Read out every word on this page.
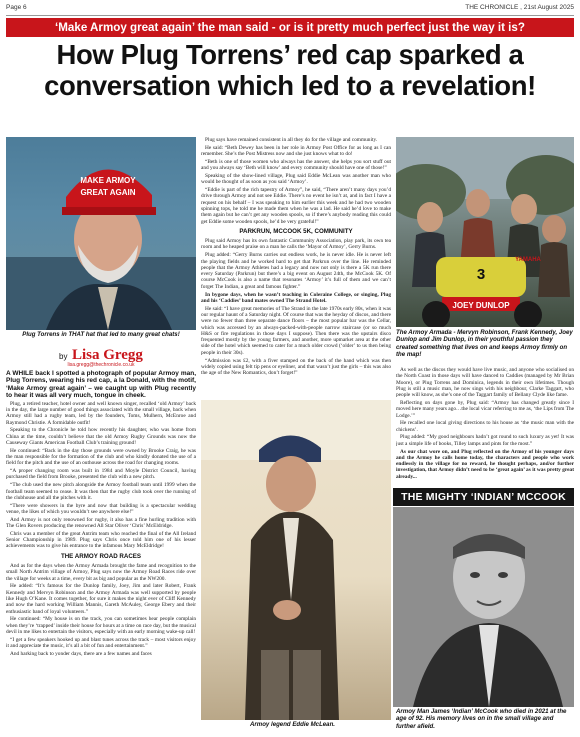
Page 6	THE CHRONICLE , 21st August 2025
‘Make Armoy great again’ the man said - or is it pretty much perfect just the way it is?
How Plug Torrens’ red cap sparked a conversation which led to a revelation!
MAKE ARMOY
GREAT AGAIN
Plug Torrens in THAT hat that led to many great chats!
by Lisa Gregg
lisa.gregg@thechronicle.co.uk

A WHILE back I spotted a photograph of popular Armoy man, Plug Torrens, wearing his red cap, a la Donald, with the motif, ‘Make Armoy great again’ – we caught up with Plug recently to hear it was all very much, tongue in cheek.

Plug, a retired teacher, hotel owner and well known singer, recalled ‘old Armoy’ back in the day, the large number of good things associated with the small village, back when Armoy still had a rugby team, led by the founders, Toms, Mulhern, McEnroe and Raymond Christie. A formidable outfit!

Speaking to the Chronicle he told how recently his daughter, who was home from China at the time, couldn’t believe that the old Armoy Rugby Grounds was now the Causeway Giants American Football Club’s training ground!

He continued: “Back in the day those grounds were owned by Brooke Craig, he was the man responsible for the formation of the club and who kindly donated the use of a field for the pitch and the use of an outhouse across the road for changing rooms.

“A proper changing room was built in 1984 and Moyle District Council, having purchased the field from Brooke, presented the club with a new pitch.

“The club used the new pitch alongside the Armoy football team until 1999 when the football team seemed to cease. It was then that the rugby club took over the running of the clubhouse and all the pitches with it.

“There were showers in the byre and now that building is a spectacular wedding venue, the likes of which you wouldn’t see anywhere else!”

And Armoy is not only renowned for rugby, it also has a fine hurling tradition with The Glen Rovers producing the renowned All Star Oliver ‘Chris’ McEldridge.

Chris was a member of the great Antrim team who reached the final of the All Ireland Senior Championship in 1989. Plug says Chris once told him one of his lesser achievements was to give his entrance to the infamous Mary McEldridge!

THE ARMOY ROAD RACES

And as for the days when the Armoy Armada brought the fame and recognition to the small North Antrim village of Armoy, Plug says now the Armoy Road Races ride over the village for weeks at a time, every bit as big and popular as the NW200.

He added: “It’s famous for the Dunlop family, Joey, Jim and later Robert, Frank Kennedy and Mervyn Robinson and the Armoy Armada was well supported by people like Hugh O’Kane. It comes together, for sure it makes the night ever of Cliff Kennedy and now the hard working William Mannis, Gareth McAuley, George Ebery and their enthusiastic band of loyal volunteers.”

He continued: “My house is on the track, you can sometimes hear people complain when they’re ‘trapped’ inside their house for hours at a time on race day, but the musical devil in me likes to entertain the visitors, especially with an early morning wake-up call!

“I get a few speakers hooked up and blast tunes across the track – most visitors enjoy it and appreciate the music, it’s all a bit of fun and entertainment.”

And harking back to yonder days, there are a few names and faces

Plug says have remained consistent in all they do for the village and community.

He said: “Beth Dewey has been in her role in Armoy Post Office for as long as I can remember. She’s the Post Mistress now and she just knows what to do!

“Beth is one of those women who always has the answer, she helps you sort stuff out and you always say ‘Beth will know’ and every community should have one of those!”

Speaking of the show-lined village, Plug said Eddie McLean was another man who would be thought of as soon as you said ‘Armoy’.

“Eddie is part of the rich tapestry of Armoy”, he said, “There aren’t many days you’d drive through Armoy and not see Eddie. There’s no event he isn’t at, and in fact I have a request on his behalf – I was speaking to him earlier this week and he had two wooden spinning tops, he told me he made them when he was a lad. He said he’d love to make them again but he can’t get any wooden spools, so if there’s anybody reading this could get Eddie some wooden spools, he’d be very grateful!”

PARKRUN, MCCOOK 5K, COMMUNITY

Plug said Armoy has its own fantastic Community Association, play park, its own tea room and he heaped praise on a man he calls the ‘Mayor of Armoy’, Gerry Burns.

Plug added: “Gerry Burns carries out endless work, he is never idle. He is never left the playing fields and he worked hard to get that Parkrun over the line. He reminded people that the Armoy Athletes had a legacy and now not only is there a 5K run there every Saturday (Parkrun) but there’s a big event on August 24th, the McCook 5K. Of course McCook is also a name that resonates ‘Armoy’ it’s full of them and we can’t forget The Indian, a great and famous fighter.”

In bygone days, when he wasn’t teaching in Coleraine College, or singing, Plug and his ‘Caddies’ band mates owned The Strand Hotel.

He said: “I have great memories of The Strand in the late 1970s early 80s, when it was our regular haunt of a Saturday night. Of course that was the heyday of discos, and there were no fewer than three separate dance floors – the most popular bar was the Cellar, which was accessed by an always-packed-with-people narrow staircase (or so much H&S or fire regulations in those days I suppose). Then there was the upstairs disco frequented mostly by the young farmers, and another, more upmarket area at the other side of the hotel which seemed to cater for a much older crowd (‘older’ to us then being people in their 30s).

“Admission was £2, with a fiver stamped on the back of the hand which was then widely copied using felt tip pens or eyeliner, and that wasn’t just the girls – this was also the age of the New Romantics, don’t forget!”

Armoy legend Eddie McLean.
3
JOEY DUNLOP
YAMAHA
The Armoy Armada - Mervyn Robinson, Frank Kennedy, Joey Dunlop and Jim Dunlop, in their youthful passion they created something that lives on and keeps Armoy firmly on the map!

As well as the discos they would have live music, and anyone who socialised on the North Coast in those days will have danced to Caddies (managed by Mr Brian Moore), or Plug Torrens and Dominica, legends in their own lifetimes. Though Plug is still a music man, he now sings with his neighbour, Clarke Taggart, who people will know, as she’s one of the Taggart family of Bellany Clyde like fame.

Reflecting on days gone by, Plug said: “Armoy has changed greatly since I moved here many years ago…the local vicar referring to me as, ‘the Lips from The Lodge.’”

He recalled one local giving directions to his house as ‘the music man with the chickens’.

Plug added: “My good neighbours hadn’t got round to such luxury as yet! It was just a simple life of books, Tilley lamps and pints for the most.”

As our chat wore on, and Plug reflected on the Armoy of his younger days and the Armoy he calls home today, the characters and people who work endlessly in the village for no reward, he thought perhaps, and/or further investigation, that Armoy didn’t need to be ‘great again’ as it was pretty great already...

THE MIGHTY ‘INDIAN’ MCCOOK
Armoy Man James ‘Indian’ McCook who died in 2021 at the age of 92. His memory lives on in the small village and further afield.
